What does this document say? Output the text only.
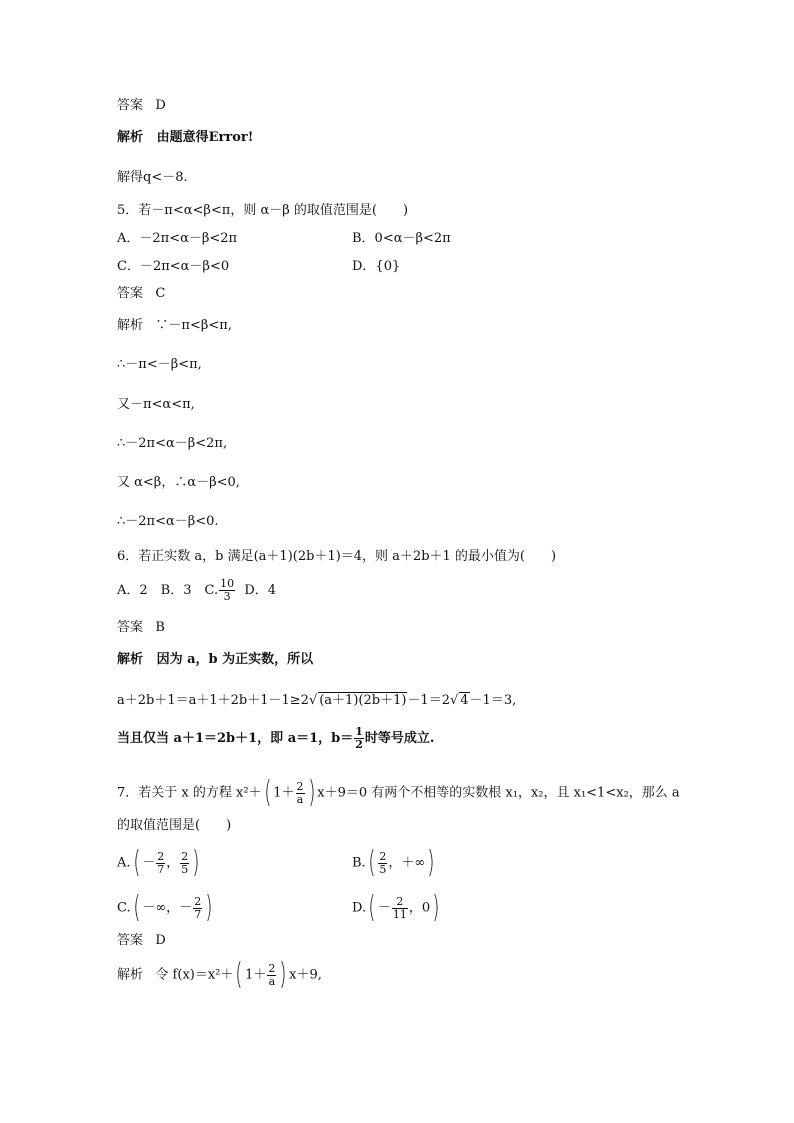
答案 D
解析 由题意得Error!
解得q<－8.
5．若－π<α<β<π，则 α－β 的取值范围是(　　)
A．－2π<α－β<2π	B．0<α－β<2π
C．－2π<α－β<0	D．{0}
答案 C
解析 ∵－π<β<π,
∴－π<－β<π,
又－π<α<π,
∴－2π<α－β<2π,
又 α<β，∴α－β<0,
∴－2π<α－β<0.
6．若正实数 a，b 满足(a＋1)(2b＋1)＝4，则 a＋2b＋1 的最小值为(　　)
A．2　B．3　C. $\frac{10}{3}$ D．4
答案 B
解析 因为 a，b 为正实数，所以
a＋2b＋1＝a＋1＋2b＋1－1≥2√ (a＋1)(2b＋1)－1＝2√ 4－1＝3,
当且仅当 a＋1＝2b＋1，即 a＝1，$b= \frac{1}{2}$ 时等号成立.
7．若关于 x 的方程 x²＋( $1+ \frac{2}{a}$ ) x＋9＝0 有两个不相等的实数根 x₁，x₂，且 x₁<1<x₂，那么 a
的取值范围是(　　)
$A.( - \frac{2}{7}$ ， $\frac{2}{5}$ )	$B.( \frac{2}{5}$ ，＋∞)
C.( －∞，－ $\frac{2}{7}$ )	$D.( - \frac{2}{11}$ ，0)
答案 D
解析 令 f(x)＝x²＋( $1+ \frac{2}{a}$ ) x＋9,
